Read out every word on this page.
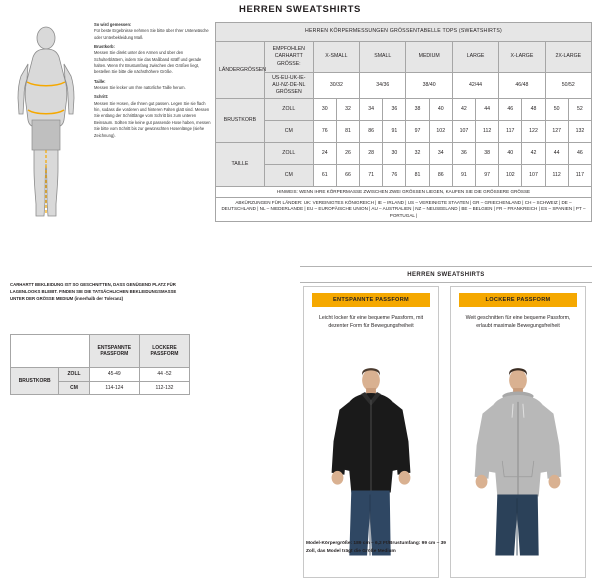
HERREN SWEATSHIRTS
So wird gemessen:

Für beste Ergebnisse nehmen Sie bitte über Ihrer Unterwäsche oder Unterbekleidung Maß

Brustkorb:

Messen Sie direkt unter den Armen und über den Schulterblättern, indem Sie das Maßband sträff und gerade halten. Wenn Ihr Brustumfang zwischen den Größen liegt, bestellen Sie bitte die nächsthöhere Größe.

Taille:

Messen Sie lecker um Ihre natürliche Taille herum.

Schritt:

Messen Sie Hosen, die Ihnen gut passen. Legen Sie sie flach hin, sodass die vorderen und hinteren Falten glatt sind. Messen Sie entlang der Schrittlänge vom Schritt bis zum unteren Beinsaum. Sollten Sie keine gut passende Hose haben, messen Sie bitte vom Schritt bis zur gewünschten Hosenlänge (siehe Zeichnung).

HERREN KÖRPERMESSUNGEN GRÖSSENTABELLE TOPS (SWEATSHIRTS)													
LÄNDERGRÖSSEN	EMPFOHLEN CARHARTT GRÖSSE:	X-SMALL		SMALL		MEDIUM		LARGE		X-LARGE		2X-LARGE	
	US-EU-UK-IE-AU-NZ-DE-NL GRÖSSEN	30/32		34/36		38/40		42/44		46/48		50/52	
BRUSTKORB	ZOLL	30	32	34	36	38	40	42	44	46	48	50	52
	CM	76	81	86	91	97	102	107	112	117	122	127	132
TAILLE	ZOLL	24	26	28	30	32	34	36	38	40	42	44	46
	CM	61	66	71	76	81	86	91	97	102	107	112	117
HINWEIS: WENN IHRE KÖRPERMASSE ZWISCHEN ZWEI GRÖSSEN LIEGEN, KAUFEN SIE DIE GRÖSSERE GRÖSSE													
ABKÜRZUNGEN FÜR LÄNDER: UK: VEREINIGTES KÖNIGREICH | IE – IRLAND | US – VEREINIGTE STAATEN | GR – GRIECHENLAND | CH – SCHWEIZ | DE – DEUTSCHLAND | NL – NIEDERLANDE | EU – EUROPÄISCHE UNION | AU – AUSTRALIEN | NZ – NEUSEELAND | BE – BELGIEN | FR – FRANKREICH | ES – SPANIEN | PT – PORTUGAL |													
CARHARTT BEKLEIDUNG IST SO GESCHNITTEN, DASS GENÜGEND PLATZ FÜR LAGENLOOKS BLEIBT. FINDEN SIE DIE TATSÄCHLICHEN BEKLEIDUNGSMASSE UNTER DER GRÖSSE MEDIUM (innerhalb der Toleranz)
		ENTSPANNTE PASSFORM	LOCKERE PASSFORM
BRUSTKORB	ZOLL	45-49	44 -52
	CM	114-124	112-132
HERREN SWEATSHIRTS
ENTSPANNTE PASSFORM
Leicht locker für eine bequeme Passform, mit dezenter Form für Bewegungsfreiheit
LOCKERE PASSFORM
Weit geschnitten für eine bequeme Passform, erlaubt maximale Bewegungsfreiheit
Model-Körpergröße: 189 cm – 6,2 Ft/Brustumfang: 99 cm – 39 Zoll, das Model trägt die Größe Medium
